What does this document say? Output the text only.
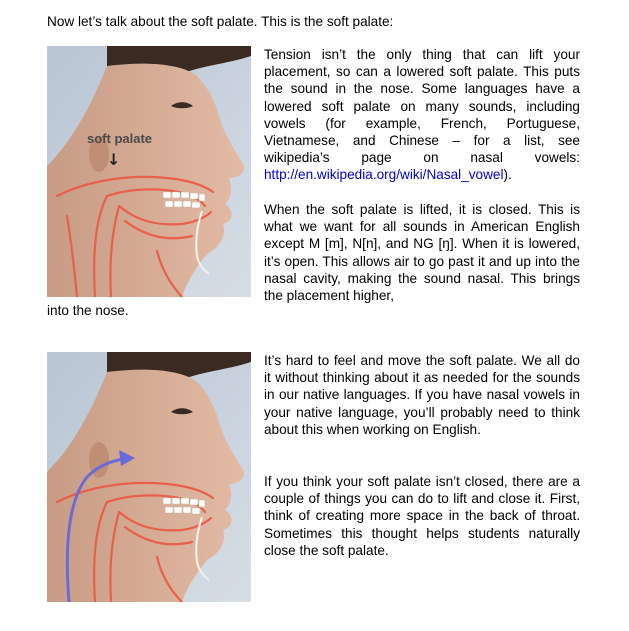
Now let’s talk about the soft palate. This is the soft palate:
soft palate
↓

Tension isn’t the only thing that can lift your placement, so can a lowered soft palate. This puts the sound in the nose. Some languages have a lowered soft palate on many sounds, including vowels (for example, French, Portuguese, Vietnamese, and Chinese – for a list, see wikipedia’s page on nasal vowels: http://en.wikipedia.org/wiki/Nasal_vowel).

When the soft palate is lifted, it is closed. This is what we want for all sounds in American English except M [m], N[n], and NG [ŋ]. When it is lowered, it’s open. This allows air to go past it and up into the nasal cavity, making the sound nasal. This brings the placement higher,

into the nose.

It’s hard to feel and move the soft palate. We all do it without thinking about it as needed for the sounds in our native languages. If you have nasal vowels in your native language, you’ll probably need to think about this when working on English.

If you think your soft palate isn’t closed, there are a couple of things you can do to lift and close it. First, think of creating more space in the back of throat. Sometimes this thought helps students naturally close the soft palate.
